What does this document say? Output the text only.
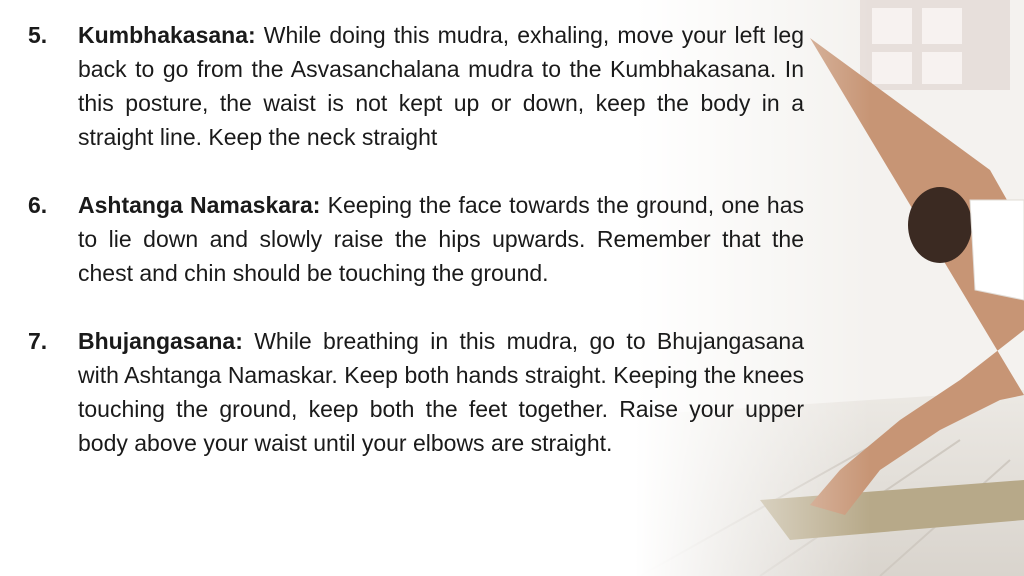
5.	Kumbhakasana: While doing this mudra, exhaling, move your left leg back to go from the Asvasanchalana mudra to the Kumbhakasana. In this posture, the waist is not kept up or down, keep the body in a straight line. Keep the neck straight
6.	Ashtanga Namaskara: Keeping the face towards the ground, one has to lie down and slowly raise the hips upwards. Remember that the chest and chin should be touching the ground.
7.	Bhujangasana: While breathing in this mudra, go to Bhujangasana with Ashtanga Namaskar. Keep both hands straight. Keeping the knees touching the ground, keep both the feet together. Raise your upper body above your waist until your elbows are straight.
